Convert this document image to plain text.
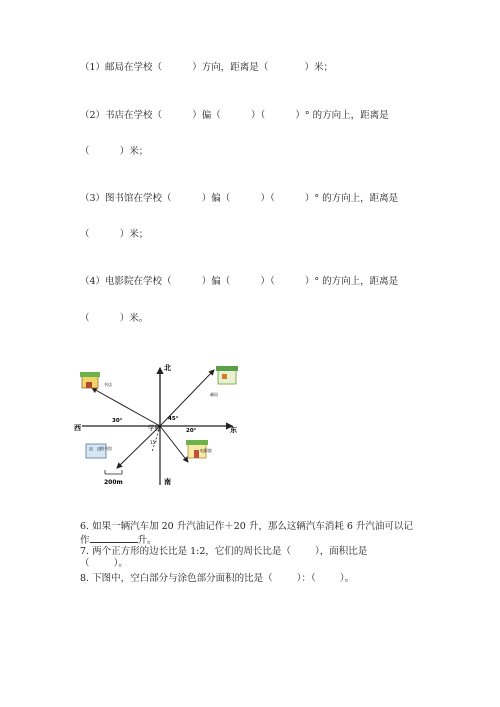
（1）邮局在学校（          ）方向，距离是（            ）米；
（2）书店在学校（          ）偏（          ）（          ）° 的方向上，距离是
（          ）米；
（3）图书馆在学校（          ）偏（          ）（          ）° 的方向上，距离是
（          ）米；
（4）电影院在学校（          ）偏（          ）（          ）° 的方向上，距离是
（          ）米。
北
南
东
西	学校
书店
邮局
图书馆	电影院
30°	45°
20°
15°
200m
6. 如果一辆汽车加 20 升汽油记作＋20 升，那么这辆汽车消耗 6 升汽油可以记
作	升。
7. 两个正方形的边长比是 1:2，它们的周长比是（        ），面积比是
（        ）。
8. 下图中，空白部分与涂色部分面积的比是（        ）：（        ）。
